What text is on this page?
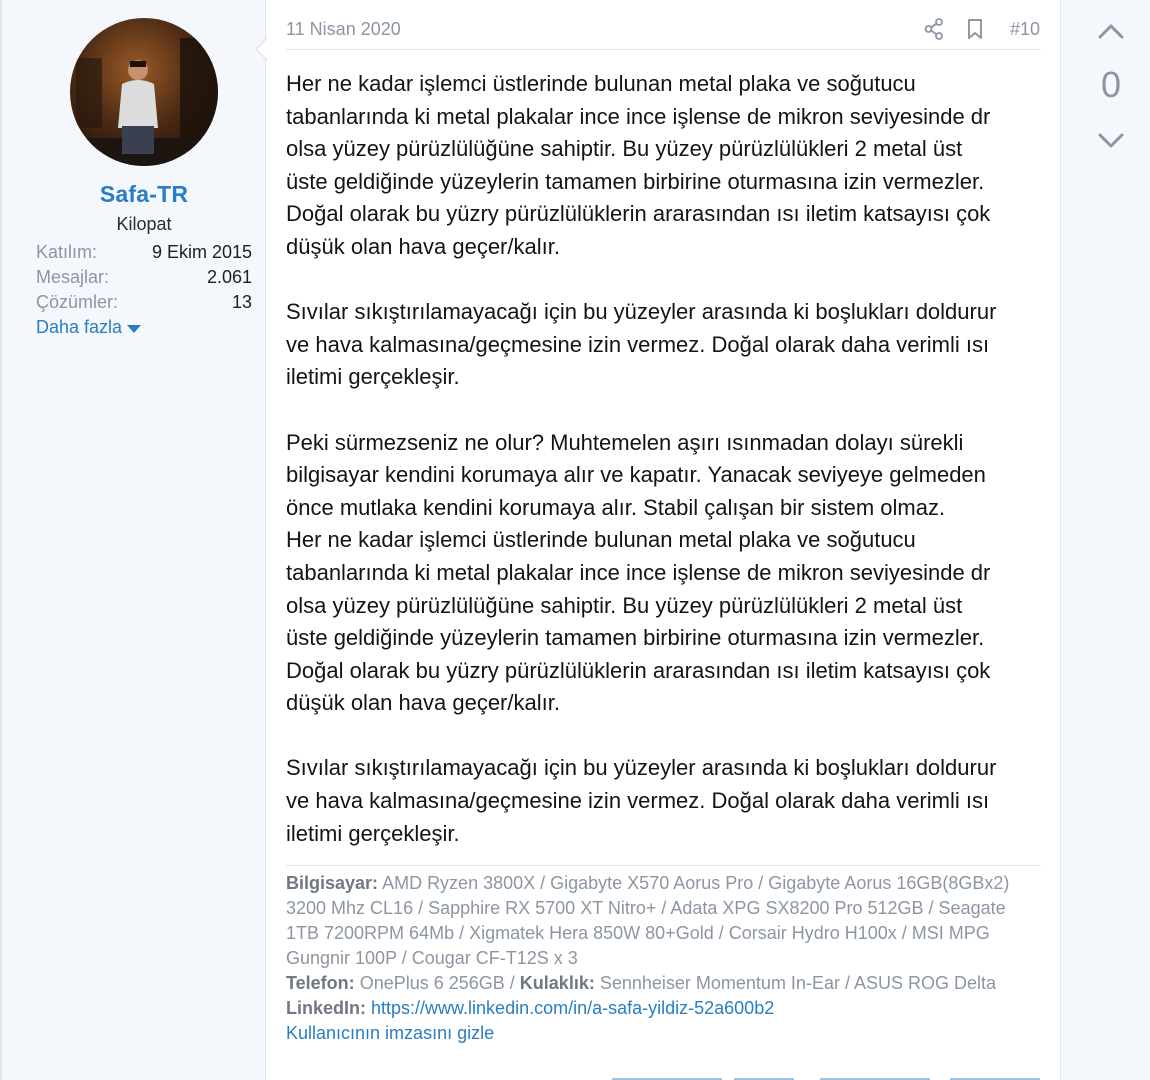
Safa-TR
Kilopat
Katılım:	9 Ekim 2015
Mesajlar:	2.061
Çözümler:	13
Daha fazla
11 Nisan 2020	#10

Her ne kadar işlemci üstlerinde bulunan metal plaka ve soğutucu
tabanlarında ki metal plakalar ince ince işlense de mikron seviyesinde dr
olsa yüzey pürüzlülüğüne sahiptir. Bu yüzey pürüzlülükleri 2 metal üst
üste geldiğinde yüzeylerin tamamen birbirine oturmasına izin vermezler.
Doğal olarak bu yüzry pürüzlülüklerin ararasından ısı iletim katsayısı çok
düşük olan hava geçer/kalır.

Sıvılar sıkıştırılamayacağı için bu yüzeyler arasında ki boşlukları doldurur
ve hava kalmasına/geçmesine izin vermez. Doğal olarak daha verimli ısı
iletimi gerçekleşir.

Peki sürmezseniz ne olur? Muhtemelen aşırı ısınmadan dolayı sürekli
bilgisayar kendini korumaya alır ve kapatır. Yanacak seviyeye gelmeden
önce mutlaka kendini korumaya alır. Stabil çalışan bir sistem olmaz.
Her ne kadar işlemci üstlerinde bulunan metal plaka ve soğutucu
tabanlarında ki metal plakalar ince ince işlense de mikron seviyesinde dr
olsa yüzey pürüzlülüğüne sahiptir. Bu yüzey pürüzlülükleri 2 metal üst
üste geldiğinde yüzeylerin tamamen birbirine oturmasına izin vermezler.
Doğal olarak bu yüzry pürüzlülüklerin ararasından ısı iletim katsayısı çok
düşük olan hava geçer/kalır.

Sıvılar sıkıştırılamayacağı için bu yüzeyler arasında ki boşlukları doldurur
ve hava kalmasına/geçmesine izin vermez. Doğal olarak daha verimli ısı
iletimi gerçekleşir.

Bilgisayar: AMD Ryzen 3800X / Gigabyte X570 Aorus Pro / Gigabyte Aorus 16GB(8GBx2)
3200 Mhz CL16 / Sapphire RX 5700 XT Nitro+ / Adata XPG SX8200 Pro 512GB / Seagate
1TB 7200RPM 64Mb / Xigmatek Hera 850W 80+Gold / Corsair Hydro H100x / MSI MPG
Gungnir 100P / Cougar CF-T12S x 3
Telefon: OnePlus 6 256GB / Kulaklık: Sennheiser Momentum In-Ear / ASUS ROG Delta
LinkedIn: https://www.linkedin.com/in/a-safa-yildiz-52a600b2
Kullanıcının imzasını gizle
0
